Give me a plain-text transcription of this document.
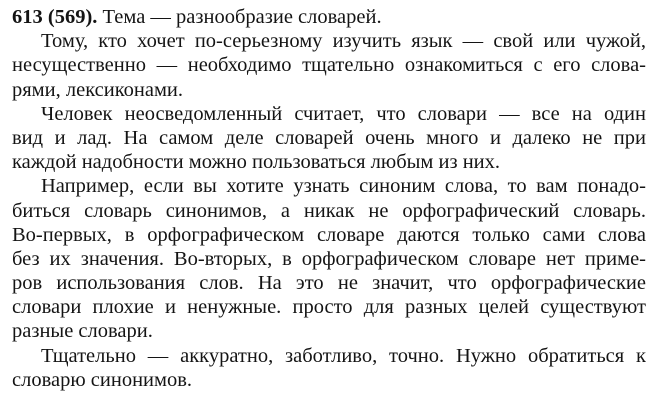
613 (569). Тема — разнообразие словарей.
Тому, кто хочет по-серьезному изучить язык — свой или чужой,
несущественно — необходимо тщательно ознакомиться с его слова-
рями, лексиконами.
Человек неосведомленный считает, что словари — все на один
вид и лад. На самом деле словарей очень много и далеко не при
каждой надобности можно пользоваться любым из них.
Например, если вы хотите узнать синоним слова, то вам понадо-
биться словарь синонимов, а никак не орфографический словарь.
Во-первых, в орфографическом словаре даются только сами слова
без их значения. Во-вторых, в орфографическом словаре нет приме-
ров использования слов. На это не значит, что орфографические
словари плохие и ненужные. просто для разных целей существуют
разные словари.
Тщательно — аккуратно, заботливо, точно. Нужно обратиться к
словарю синонимов.
